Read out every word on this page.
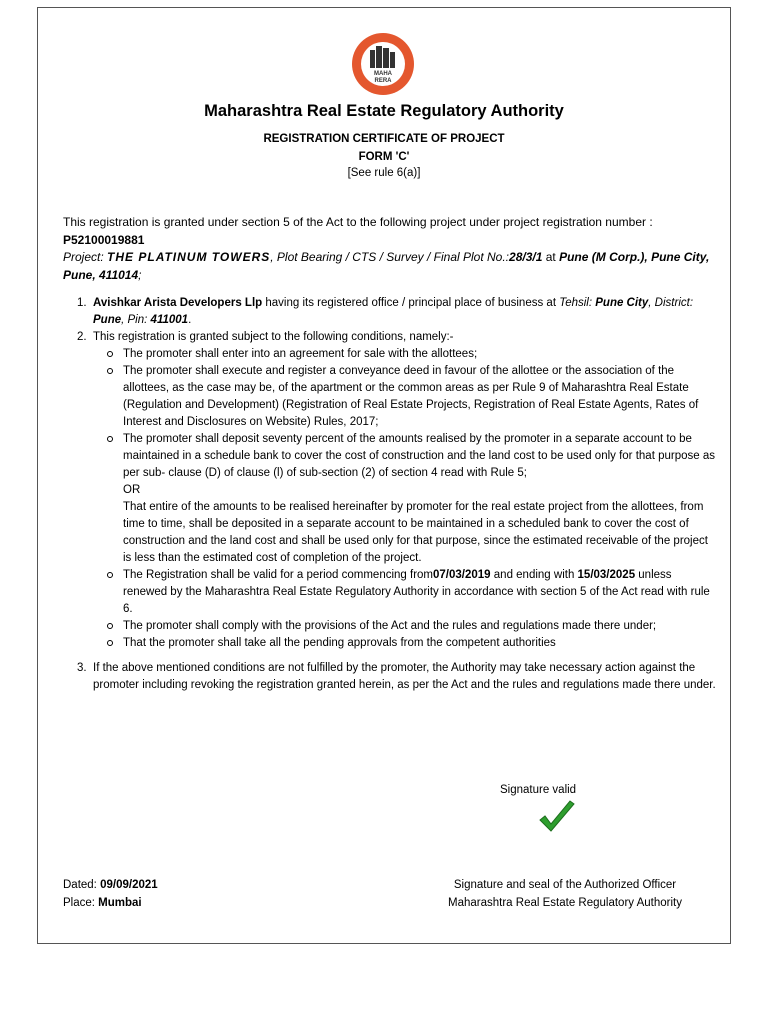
MAHA
RERA
Maharashtra Real Estate Regulatory Authority
REGISTRATION CERTIFICATE OF PROJECT
FORM 'C'
[See rule 6(a)]
This registration is granted under section 5 of the Act to the following project under project registration number :
P52100019881
Project: THE PLATINUM TOWERS, Plot Bearing / CTS / Survey / Final Plot No.:28/3/1 at Pune (M Corp.), Pune City, Pune, 411014;
1. Avishkar Arista Developers Llp having its registered office / principal place of business at Tehsil: Pune City, District: Pune, Pin: 411001.
2. This registration is granted subject to the following conditions, namely:-
The promoter shall enter into an agreement for sale with the allottees;
The promoter shall execute and register a conveyance deed in favour of the allottee or the association of the allottees, as the case may be, of the apartment or the common areas as per Rule 9 of Maharashtra Real Estate (Regulation and Development) (Registration of Real Estate Projects, Registration of Real Estate Agents, Rates of Interest and Disclosures on Website) Rules, 2017;
The promoter shall deposit seventy percent of the amounts realised by the promoter in a separate account to be maintained in a schedule bank to cover the cost of construction and the land cost to be used only for that purpose as per sub- clause (D) of clause (l) of sub-section (2) of section 4 read with Rule 5;
OR
That entire of the amounts to be realised hereinafter by promoter for the real estate project from the allottees, from time to time, shall be deposited in a separate account to be maintained in a scheduled bank to cover the cost of construction and the land cost and shall be used only for that purpose, since the estimated receivable of the project is less than the estimated cost of completion of the project.
The Registration shall be valid for a period commencing from07/03/2019 and ending with 15/03/2025 unless renewed by the Maharashtra Real Estate Regulatory Authority in accordance with section 5 of the Act read with rule 6.
The promoter shall comply with the provisions of the Act and the rules and regulations made there under;
That the promoter shall take all the pending approvals from the competent authorities
3. If the above mentioned conditions are not fulfilled by the promoter, the Authority may take necessary action against the promoter including revoking the registration granted herein, as per the Act and the rules and regulations made there under.
Signature valid
Dated: 09/09/2021
Place: Mumbai
Signature and seal of the Authorized Officer
Maharashtra Real Estate Regulatory Authority
